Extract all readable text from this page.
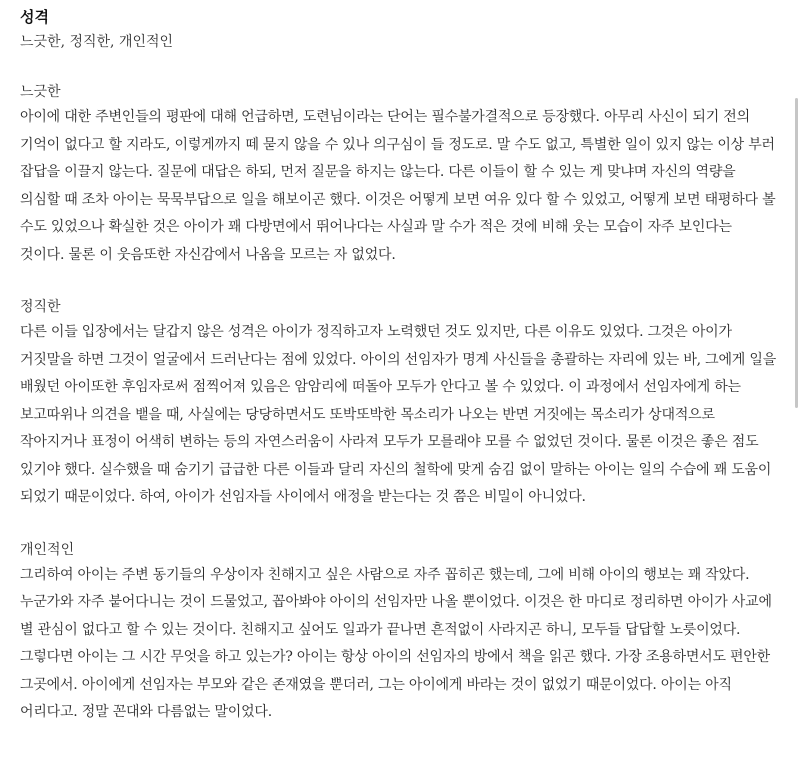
성격

느긋한, 정직한, 개인적인

느긋한

아이에 대한 주변인들의 평판에 대해 언급하면, 도련님이라는 단어는 필수불가결적으로 등장했다. 아무리 사신이 되기 전의 기억이 없다고 할 지라도, 이렇게까지 떼 묻지 않을 수 있나 의구심이 들 정도로. 말 수도 없고, 특별한 일이 있지 않는 이상 부러 잡답을 이끌지 않는다. 질문에 대답은 하되, 먼저 질문을 하지는 않는다. 다른 이들이 할 수 있는 게 맞냐며 자신의 역량을 의심할 때 조차 아이는 묵묵부답으로 일을 해보이곤 했다. 이것은 어떻게 보면 여유 있다 할 수 있었고, 어떻게 보면 태평하다 볼 수도 있었으나 확실한 것은 아이가 꽤 다방면에서 뛰어나다는 사실과 말 수가 적은 것에 비해 웃는 모습이 자주 보인다는 것이다. 물론 이 웃음또한 자신감에서 나옴을 모르는 자 없었다.

정직한

다른 이들 입장에서는 달갑지 않은 성격은 아이가 정직하고자 노력했던 것도 있지만, 다른 이유도 있었다. 그것은 아이가 거짓말을 하면 그것이 얼굴에서 드러난다는 점에 있었다. 아이의 선임자가 명계 사신들을 총괄하는 자리에 있는 바, 그에게 일을 배웠던 아이또한 후임자로써 점찍어져 있음은 암암리에 떠돌아 모두가 안다고 볼 수 있었다. 이 과정에서 선임자에게 하는 보고따위나 의견을 뱉을 때, 사실에는 당당하면서도 또박또박한 목소리가 나오는 반면 거짓에는 목소리가 상대적으로 작아지거나 표정이 어색히 변하는 등의 자연스러움이 사라져 모두가 모를래야 모를 수 없었던 것이다. 물론 이것은 좋은 점도 있기야 했다. 실수했을 때 숨기기 급급한 다른 이들과 달리 자신의 철학에 맞게 숨김 없이 말하는 아이는 일의 수습에 꽤 도움이 되었기 때문이었다. 하여, 아이가 선임자들 사이에서 애정을 받는다는 것 쯤은 비밀이 아니었다.

개인적인

그리하여 아이는 주변 동기들의 우상이자 친해지고 싶은 사람으로 자주 꼽히곤 했는데, 그에 비해 아이의 행보는 꽤 작았다. 누군가와 자주 붙어다니는 것이 드물었고, 꼽아봐야 아이의 선임자만 나올 뿐이었다. 이것은 한 마디로 정리하면 아이가 사교에 별 관심이 없다고 할 수 있는 것이다. 친해지고 싶어도 일과가 끝나면 흔적없이 사라지곤 하니, 모두들 답답할 노릇이었다. 그렇다면 아이는 그 시간 무엇을 하고 있는가? 아이는 항상 아이의 선임자의 방에서 책을 읽곤 했다. 가장 조용하면서도 편안한 그곳에서. 아이에게 선임자는 부모와 같은 존재였을 뿐더러, 그는 아이에게 바라는 것이 없었기 때문이었다. 아이는 아직 어리다고. 정말 꼰대와 다름없는 말이었다.
